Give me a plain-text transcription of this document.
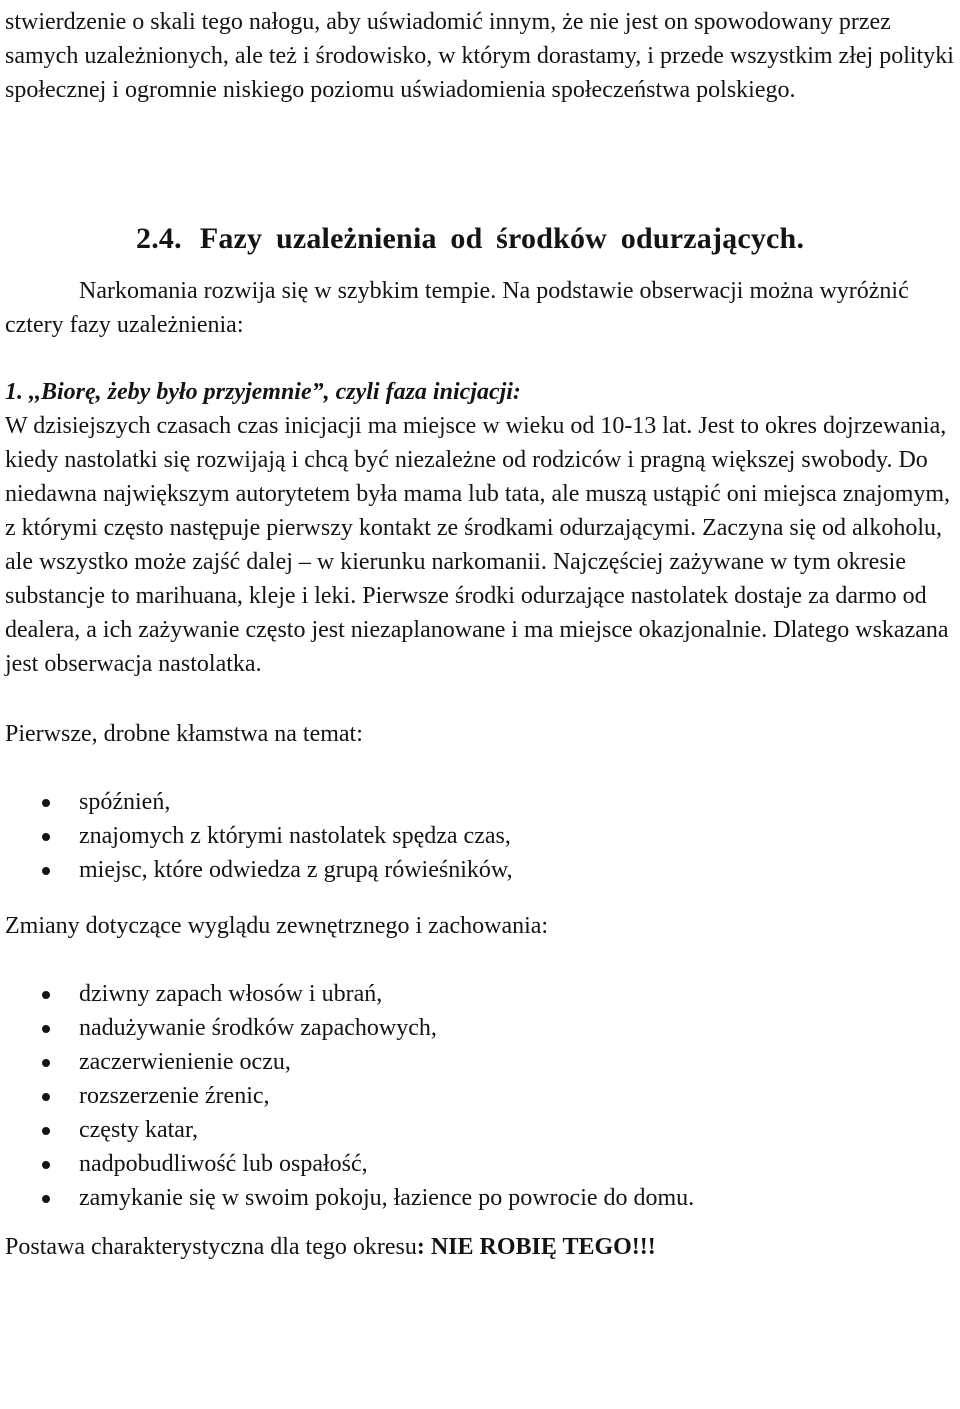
stwierdzenie o skali tego nałogu, aby uświadomić innym, że nie jest on spowodowany przez samych uzależnionych, ale też i środowisko, w którym dorastamy, i przede wszystkim złej polityki społecznej i ogromnie niskiego poziomu uświadomienia społeczeństwa polskiego.

2.4. Fazy uzależnienia od środków odurzających.

Narkomania rozwija się w szybkim tempie. Na podstawie obserwacji można wyróżnić cztery fazy uzależnienia:

1. ,,Biorę, żeby było przyjemnie”, czyli faza inicjacji:

W dzisiejszych czasach czas inicjacji ma miejsce w wieku od 10-13 lat. Jest to okres dojrzewania, kiedy nastolatki się rozwijają i chcą być niezależne od rodziców i pragną większej swobody. Do niedawna największym autorytetem była mama lub tata, ale muszą ustąpić oni miejsca znajomym, z którymi często następuje pierwszy kontakt ze środkami odurzającymi. Zaczyna się od alkoholu, ale wszystko może zajść dalej – w kierunku narkomanii. Najczęściej zażywane w tym okresie substancje to marihuana, kleje i leki. Pierwsze środki odurzające nastolatek dostaje za darmo od dealera, a ich zażywanie często jest niezaplanowane i ma miejsce okazjonalnie. Dlatego wskazana jest obserwacja nastolatka.

Pierwsze, drobne kłamstwa na temat:

spóźnień,
znajomych z którymi nastolatek spędza czas,
miejsc, które odwiedza z grupą rówieśników,

Zmiany dotyczące wyglądu zewnętrznego i zachowania:

dziwny zapach włosów i ubrań,
nadużywanie środków zapachowych,
zaczerwienienie oczu,
rozszerzenie źrenic,
częsty katar,
nadpobudliwość lub ospałość,
zamykanie się w swoim pokoju, łazience po powrocie do domu.

Postawa charakterystyczna dla tego okresu: NIE ROBIĘ TEGO!!!
